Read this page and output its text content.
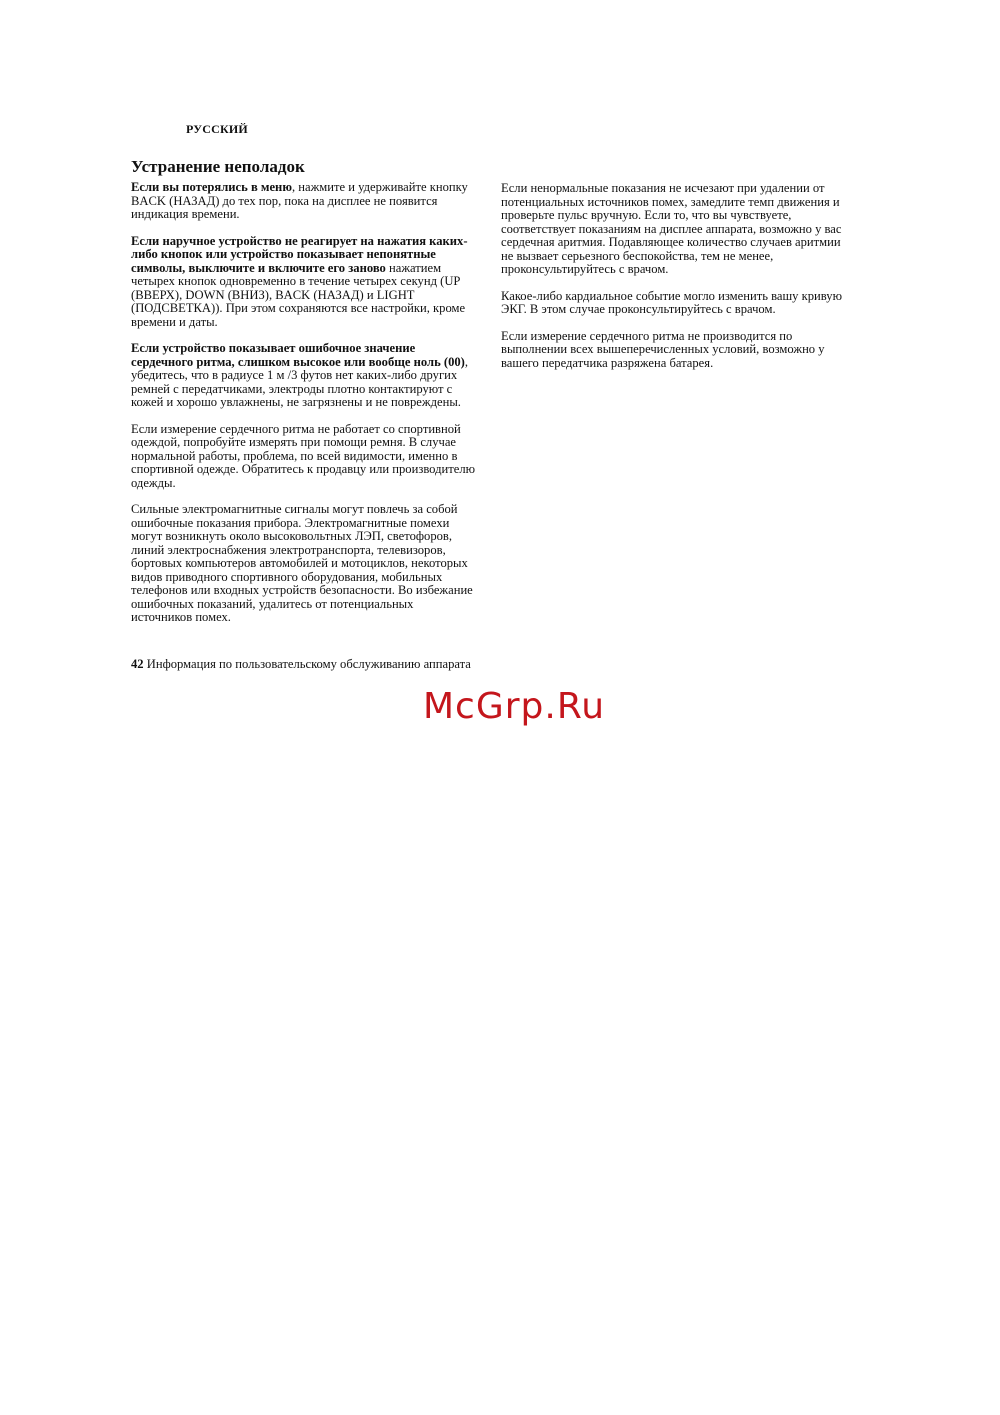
РУССКИЙ
Устранение неполадок

Если вы потерялись в меню, нажмите и удерживайте кнопку BACK (НАЗАД) до тех пор, пока на дисплее не появится индикация времени.

Если наручное устройство не реагирует на нажатия каких-либо кнопок или устройство показывает непонятные символы, выключите и включите его заново нажатием четырех кнопок одновременно в течение четырех секунд (UP (ВВЕРХ), DOWN (ВНИЗ), BACK (НАЗАД) и LIGHT (ПОДСВЕТКА)). При этом сохраняются все настройки, кроме времени и даты.

Если устройство показывает ошибочное значение сердечного ритма, слишком высокое или вообще ноль (00), убедитесь, что в радиусе 1 м /3 футов нет каких-либо других ремней с передатчиками, электроды плотно контактируют с кожей и хорошо увлажнены, не загрязнены и не повреждены.

Если измерение сердечного ритма не работает со спортивной одеждой, попробуйте измерять при помощи ремня. В случае нормальной работы, проблема, по всей видимости, именно в спортивной одежде. Обратитесь к продавцу или производителю одежды.

Сильные электромагнитные сигналы могут повлечь за собой ошибочные показания прибора. Электромагнитные помехи могут возникнуть около высоковольтных ЛЭП, светофоров, линий электроснабжения электротранспорта, телевизоров, бортовых компьютеров автомобилей и мотоциклов, некоторых видов приводного спортивного оборудования, мобильных телефонов или входных устройств безопасности. Во избежание ошибочных показаний, удалитесь от потенциальных источников помех.

Если ненормальные показания не исчезают при удалении от потенциальных источников помех, замедлите темп движения и проверьте пульс вручную. Если то, что вы чувствуете, соответствует показаниям на дисплее аппарата, возможно у вас сердечная аритмия. Подавляющее количество случаев аритмии не вызвает серьезного беспокойства, тем не менее, проконсультируйтесь с врачом.

Какое-либо кардиальное событие могло изменить вашу кривую ЭКГ. В этом случае проконсультируйтесь с врачом.

Если измерение сердечного ритма не производится по выполнении всех вышеперечисленных условий, возможно у вашего передатчика разряжена батарея.

42 Информация по пользовательскому обслуживанию аппарата
McGrp.Ru
